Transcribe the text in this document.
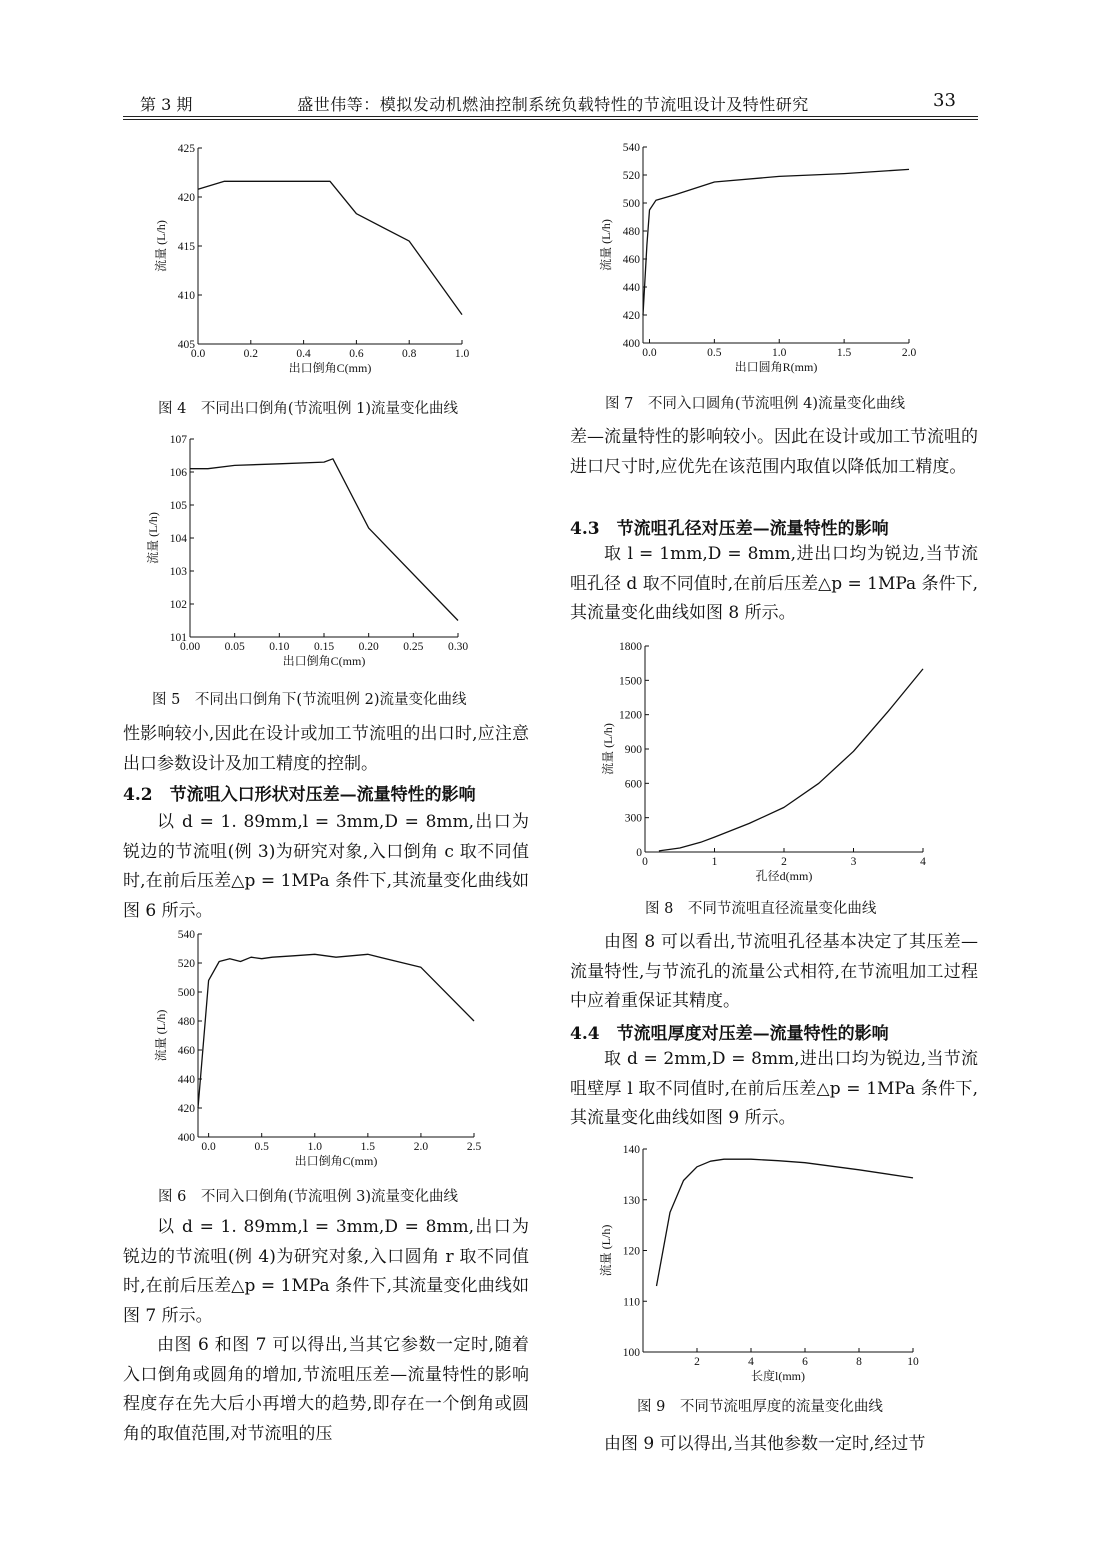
第 3 期	盛世伟等：模拟发动机燃油控制系统负载特性的节流咀设计及特性研究	33
405
410
415
420
425
0.0	0.2	0.4	0.6	0.8	1.0
出口倒角C(mm)
流量 (L/h)
图 4　不同出口倒角(节流咀例 1)流量变化曲线
101
102
103
104
105
106
107
0.00 0.05 0.10 0.15 0.20 0.25 0.30
出口倒角C(mm)
流量 (L/h)
图 5　不同出口倒角下(节流咀例 2)流量变化曲线
400
420
440
460
480
500
520
540
0.0	0.5	1.0	1.5	2.0	2.5
出口倒角C(mm)
流量 (L/h)
图 6　不同入口倒角(节流咀例 3)流量变化曲线
400
420
440
460
480
500
520
540
0.0	0.5	1.0	1.5	2.0
出口圆角R(mm)
流量 (L/h)
图 7　不同入口圆角(节流咀例 4)流量变化曲线
0
300
600
900
1200
1500
1800
0	1	2	3	4
孔径d(mm)
流量 (L/h)
图 8　不同节流咀直径流量变化曲线
100
110
120
130
140
2	4	6	8	10
长度l(mm)
流量 (L/h)
图 9　不同节流咀厚度的流量变化曲线

性影响较小,因此在设计或加工节流咀的出口时,应注意出口参数设计及加工精度的控制。

4.2　节流咀入口形状对压差—流量特性的影响

以 d = 1. 89mm,l = 3mm,D = 8mm,出口为锐边的节流咀(例 3)为研究对象,入口倒角 c 取不同值时,在前后压差△p = 1MPa 条件下,其流量变化曲线如图 6 所示。

以 d = 1. 89mm,l = 3mm,D = 8mm,出口为锐边的节流咀(例 4)为研究对象,入口圆角 r 取不同值时,在前后压差△p = 1MPa 条件下,其流量变化曲线如图 7 所示。

由图 6 和图 7 可以得出,当其它参数一定时,随着入口倒角或圆角的增加,节流咀压差—流量特性的影响程度存在先大后小再增大的趋势,即存在一个倒角或圆角的取值范围,对节流咀的压

差—流量特性的影响较小。因此在设计或加工节流咀的进口尺寸时,应优先在该范围内取值以降低加工精度。

4.3　节流咀孔径对压差—流量特性的影响

取 l = 1mm,D = 8mm,进出口均为锐边,当节流咀孔径 d 取不同值时,在前后压差△p = 1MPa 条件下,其流量变化曲线如图 8 所示。

由图 8 可以看出,节流咀孔径基本决定了其压差—流量特性,与节流孔的流量公式相符,在节流咀加工过程中应着重保证其精度。

4.4　节流咀厚度对压差—流量特性的影响

取 d = 2mm,D = 8mm,进出口均为锐边,当节流咀壁厚 l 取不同值时,在前后压差△p = 1MPa 条件下,其流量变化曲线如图 9 所示。

由图 9 可以得出,当其他参数一定时,经过节
